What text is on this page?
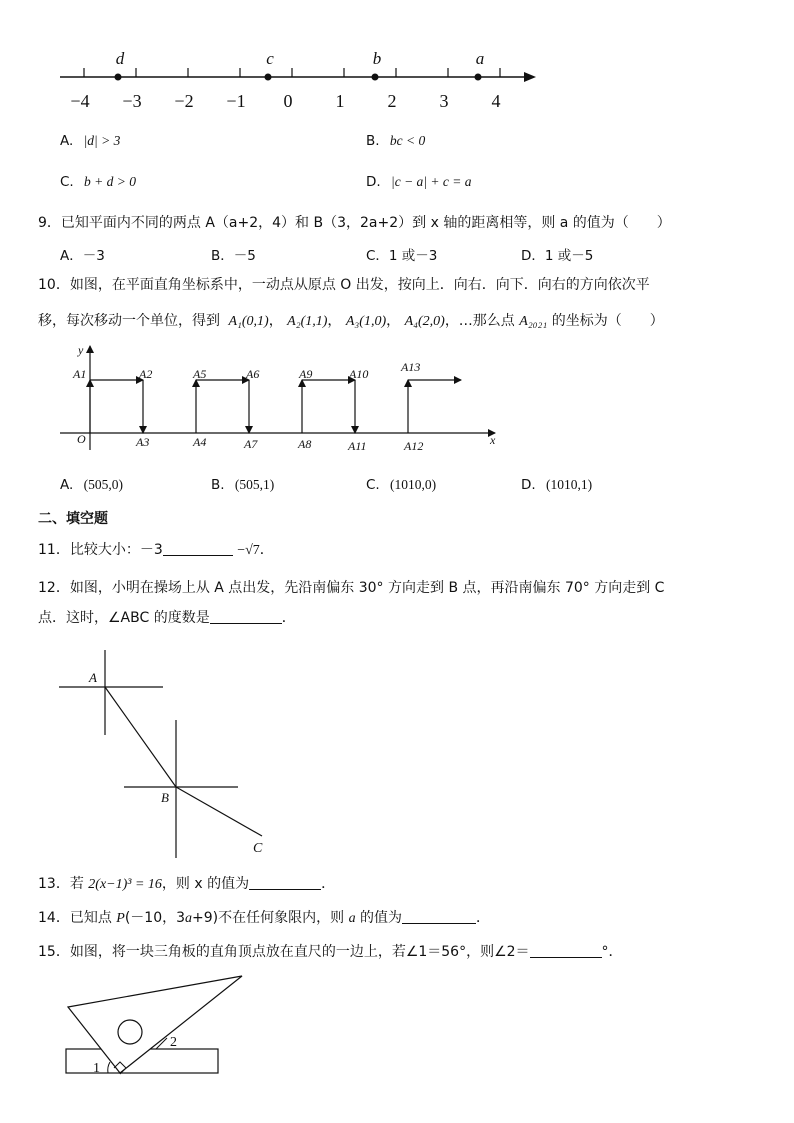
−4 −3 −2 −1 0 1 2 3 4
d	c	b	a
A. |d| > 3	B. bc < 0
C. b + d > 0	D. |c − a| + c = a
9．已知平面内不同的两点 A（a+2，4）和 B（3，2a+2）到 x 轴的距离相等，则 a 的值为（　　）
A．－3	B．－5	C．1 或－3	D．1 或－5
10．如图，在平面直角坐标系中，一动点从原点 O 出发，按向上．向右．向下．向右的方向依次平
移，每次移动一个单位，得到 A₁(0,1)， A₂(1,1)， A₃(1,0)， A₄(2,0)，…那么点 A₂₀₂₁ 的坐标为（　　）
y
x
O
A1	A2
A3	A4
A5	A6
A7	A8
A9	A10
A11	A12
A13
A. (505,0)	B. (505,1)	C. (1010,0)	D. (1010,1)
二、填空题
11．比较大小：－3	−√7．
12．如图，小明在操场上从 A 点出发，先沿南偏东 30° 方向走到 B 点，再沿南偏东 70° 方向走到 C
点．这时，∠ABC 的度数是	．
A
B
C
13．若 2(x−1)³ = 16，则 x 的值为	．
14．已知点 P(－10，3a+9)不在任何象限内，则 a 的值为	．
15．如图，将一块三角板的直角顶点放在直尺的一边上，若∠1＝56°，则∠2＝	°．
1
2
